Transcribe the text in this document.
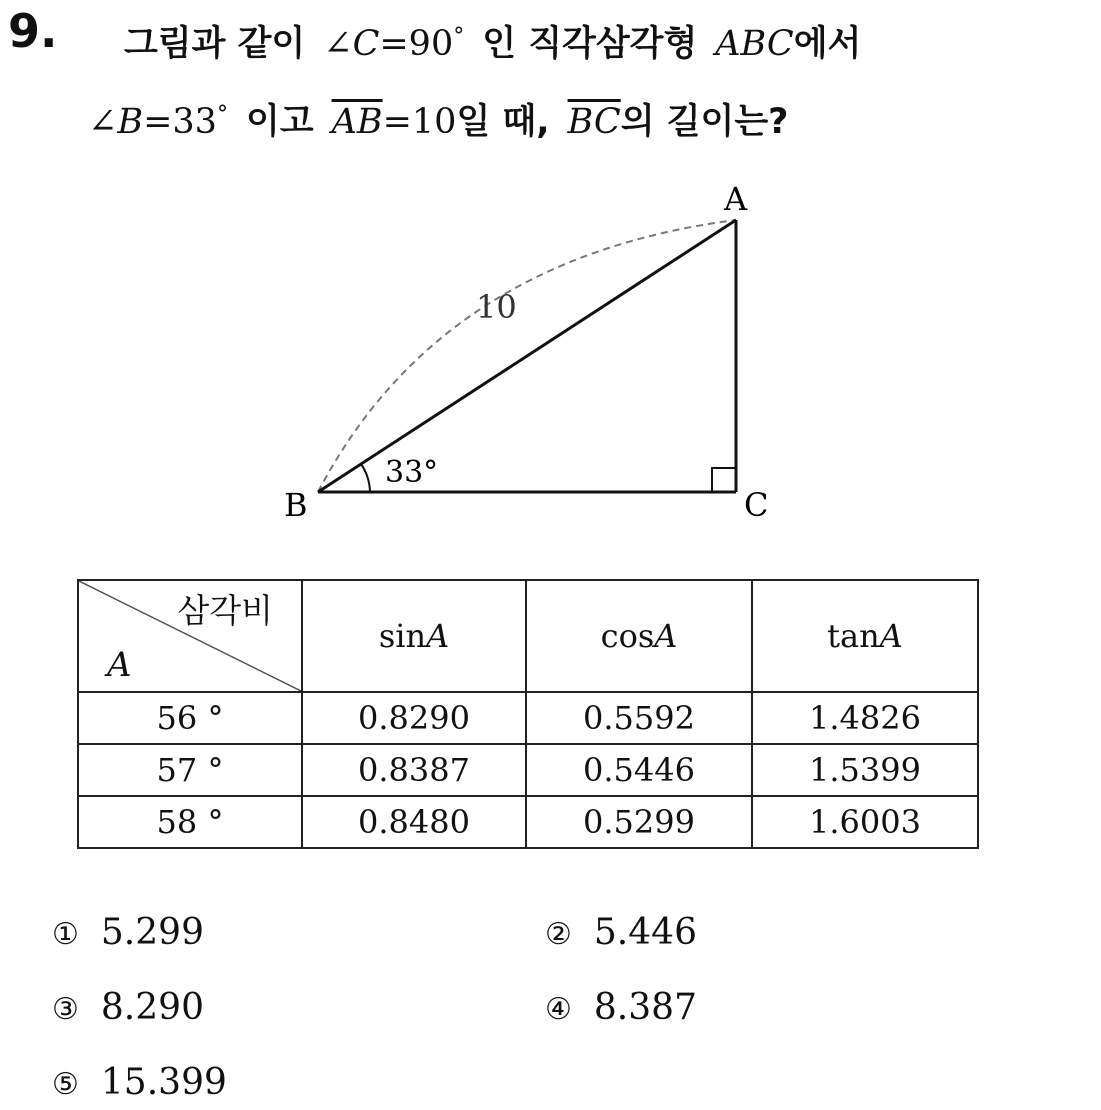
9. 그림과 같이 ∠C=90° 인 직각삼각형 ABC에서
∠B=33° 이고 $\overline{AB}=10$일 때, $\overline{BC}$의 길이는?
A
B	C
10
33°
삼각비
A	sinA	cosA	tanA
56 °	0.8290	0.5592	1.4826
57 °	0.8387	0.5446	1.5399
58 °	0.8480	0.5299	1.6003
① 5.299	② 5.446
③ 8.290	④ 8.387
⑤ 15.399
